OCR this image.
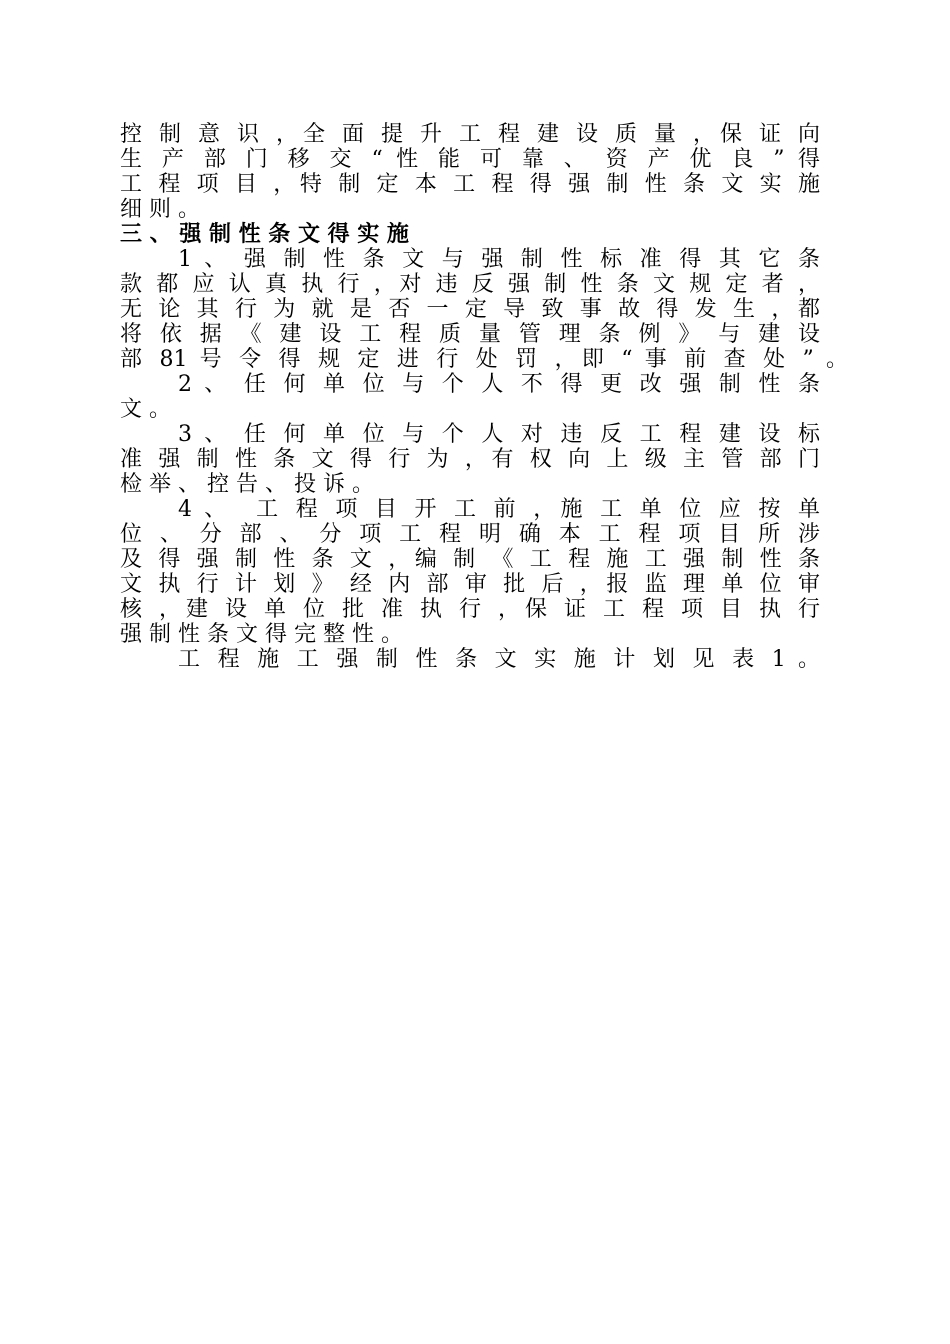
控 制 意 识 ，全 面 提 升 工 程 建 设 质 量 ，保 证 向
生 产 部 门 移 交 “ 性 能 可 靠 、 资 产 优 良 ” 得
工 程 项 目 ，特 制 定 本 工 程 得 强 制 性 条 文 实 施
细 则 。
三 、 强 制 性 条 文 得 实 施
1 、 强 制 性 条 文 与 强 制 性 标 准 得 其 它 条
款 都 应 认 真 执 行 ，对 违 反 强 制 性 条 文 规 定 者 ，
无 论 其 行 为 就 是 否 一 定 导 致 事 故 得 发 生 ，都
将 依 据 《 建 设 工 程 质 量 管 理 条 例 》 与 建 设
部 81 号 令 得 规 定 进 行 处 罚 ，即 “ 事 前 查 处 ” 。
2 、 任 何 单 位 与 个 人 不 得 更 改 强 制 性 条
文 。
3 、 任 何 单 位 与 个 人 对 违 反 工 程 建 设 标
准 强 制 性 条 文 得 行 为 ，有 权 向 上 级 主 管 部 门
检 举 、 控 告 、 投 诉 。
4 、  工 程 项 目 开 工 前 ，施 工 单 位 应 按 单
位 、 分 部 、 分 项 工 程 明 确 本 工 程 项 目 所 涉
及 得 强 制 性 条 文 ，编 制 《 工 程 施 工 强 制 性 条
文 执 行 计 划 》 经 内 部 审 批 后 ，报 监 理 单 位 审
核 ，建 设 单 位 批 准 执 行 ，保 证 工 程 项 目 执 行
强 制 性 条 文 得 完 整 性 。
工 程 施 工 强 制 性 条 文 实 施 计 划 见 表 1 。
